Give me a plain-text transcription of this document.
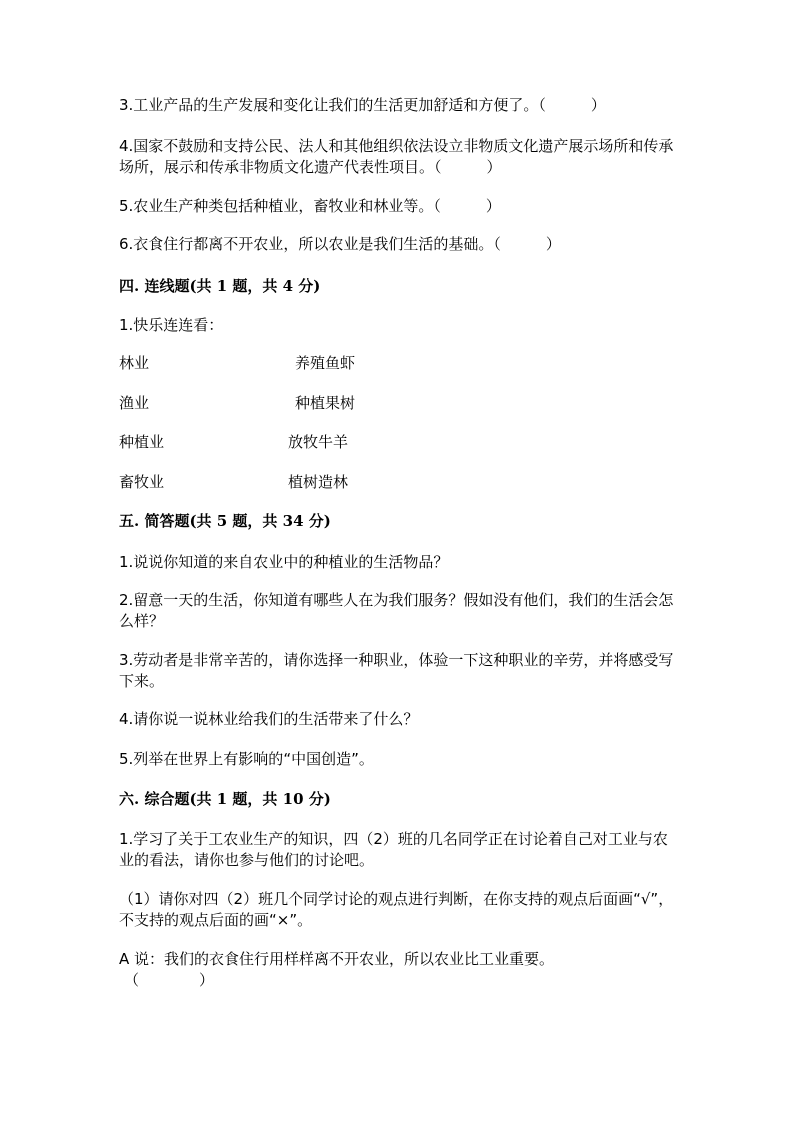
3.工业产品的生产发展和变化让我们的生活更加舒适和方便了。（　　　）
4.国家不鼓励和支持公民、法人和其他组织依法设立非物质文化遗产展示场所和传承场所，展示和传承非物质文化遗产代表性项目。（　　　）
5.农业生产种类包括种植业，畜牧业和林业等。（　　　）
6.衣食住行都离不开农业，所以农业是我们生活的基础。（　　　）
四. 连线题(共 1 题，共 4 分)
1.快乐连连看：
林业	养殖鱼虾
渔业	种植果树
种植业	放牧牛羊
畜牧业	植树造林
五. 简答题(共 5 题，共 34 分)
1.说说你知道的来自农业中的种植业的生活物品？
2.留意一天的生活，你知道有哪些人在为我们服务？假如没有他们，我们的生活会怎么样？
3.劳动者是非常辛苦的，请你选择一种职业，体验一下这种职业的辛劳，并将感受写下来。
4.请你说一说林业给我们的生活带来了什么？
5.列举在世界上有影响的“中国创造”。
六. 综合题(共 1 题，共 10 分)
1.学习了关于工农业生产的知识，四（2）班的几名同学正在讨论着自己对工业与农业的看法，请你也参与他们的讨论吧。
（1）请你对四（2）班几个同学讨论的观点进行判断，在你支持的观点后面画“√”，不支持的观点后面的画“×”。
A 说：我们的衣食住行用样样离不开农业，所以农业比工业重要。
（　　　　）
